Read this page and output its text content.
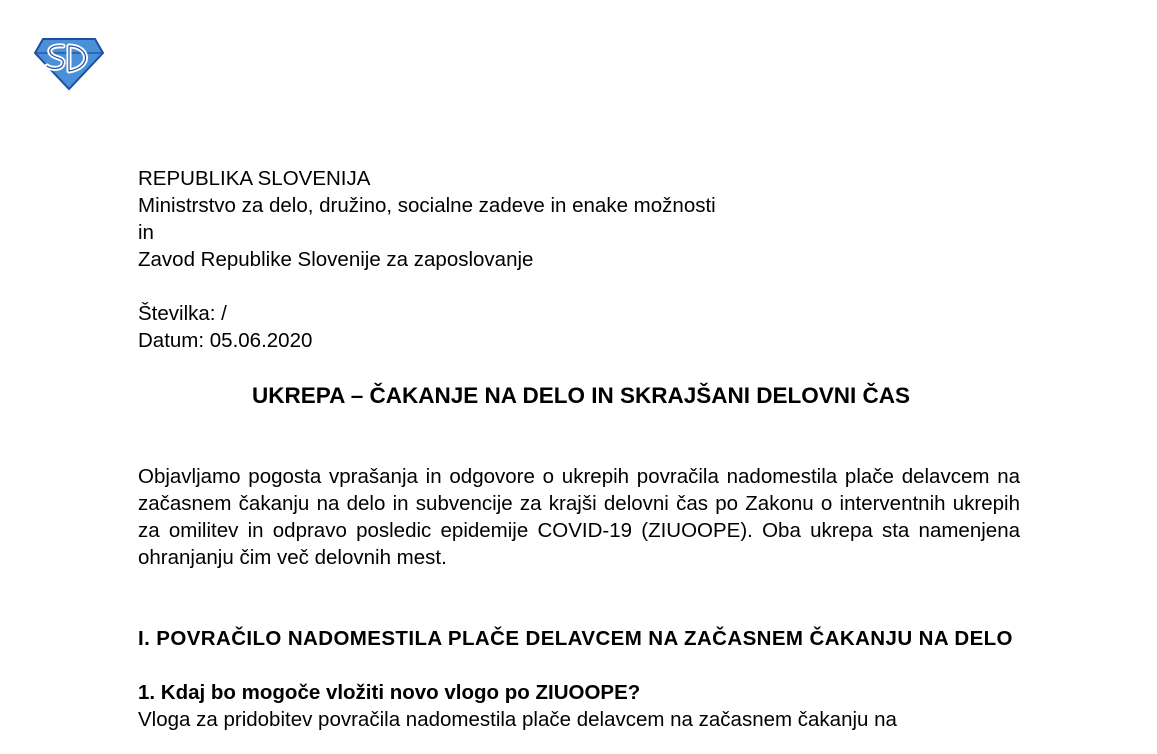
REPUBLIKA SLOVENIJA
Ministrstvo za delo, družino, socialne zadeve in enake možnosti
in
Zavod Republike Slovenije za zaposlovanje
Številka: /
Datum: 05.06.2020
UKREPA – ČAKANJE NA DELO IN SKRAJŠANI DELOVNI ČAS

Objavljamo pogosta vprašanja in odgovore o ukrepih povračila nadomestila plače delavcem na začasnem čakanju na delo in subvencije za krajši delovni čas po Zakonu o interventnih ukrepih za omilitev in odpravo posledic epidemije COVID-19 (ZIUOOPE). Oba ukrepa sta namenjena ohranjanju čim več delovnih mest.

I. POVRAČILO NADOMESTILA PLAČE DELAVCEM NA ZAČASNEM ČAKANJU NA DELO

1. Kdaj bo mogoče vložiti novo vlogo po ZIUOOPE?

Vloga za pridobitev povračila nadomestila plače delavcem na začasnem čakanju na
